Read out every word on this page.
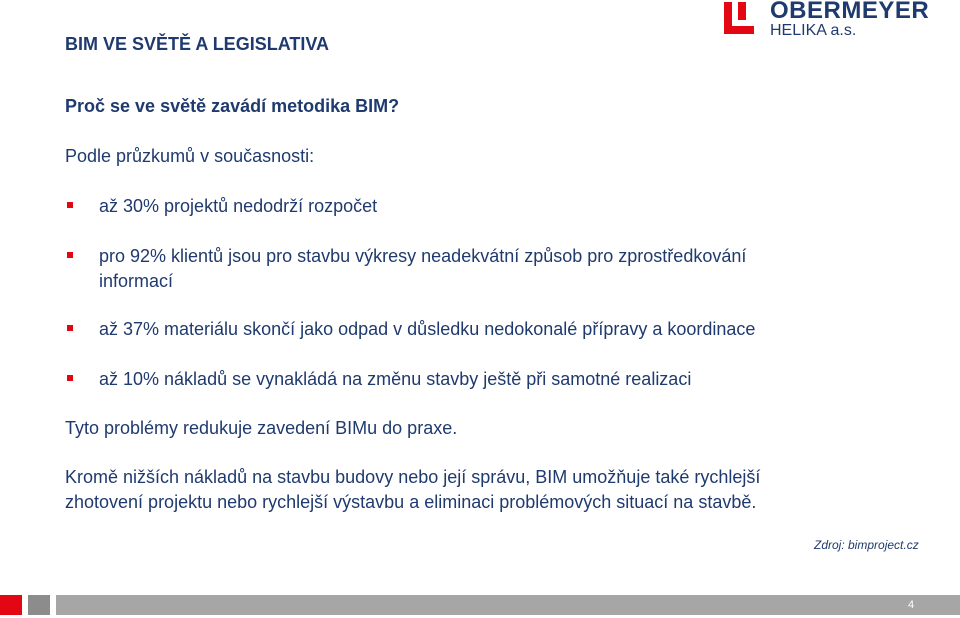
OBERMEYER
HELIKA a.s.
BIM VE SVĚTĚ A LEGISLATIVA
Proč se ve světě zavádí metodika BIM?
Podle průzkumů v současnosti:
až 30% projektů nedodrží rozpočet
pro 92% klientů jsou pro stavbu výkresy neadekvátní způsob pro zprostředkování
informací
až 37% materiálu skončí jako odpad v důsledku nedokonalé přípravy a koordinace
až 10% nákladů se vynakládá na změnu stavby ještě při samotné realizaci
Tyto problémy redukuje zavedení BIMu do praxe.
Kromě nižších nákladů na stavbu budovy nebo její správu, BIM umožňuje také rychlejší
zhotovení projektu nebo rychlejší výstavbu a eliminaci problémových situací na stavbě.
Zdroj: bimproject.cz
4
